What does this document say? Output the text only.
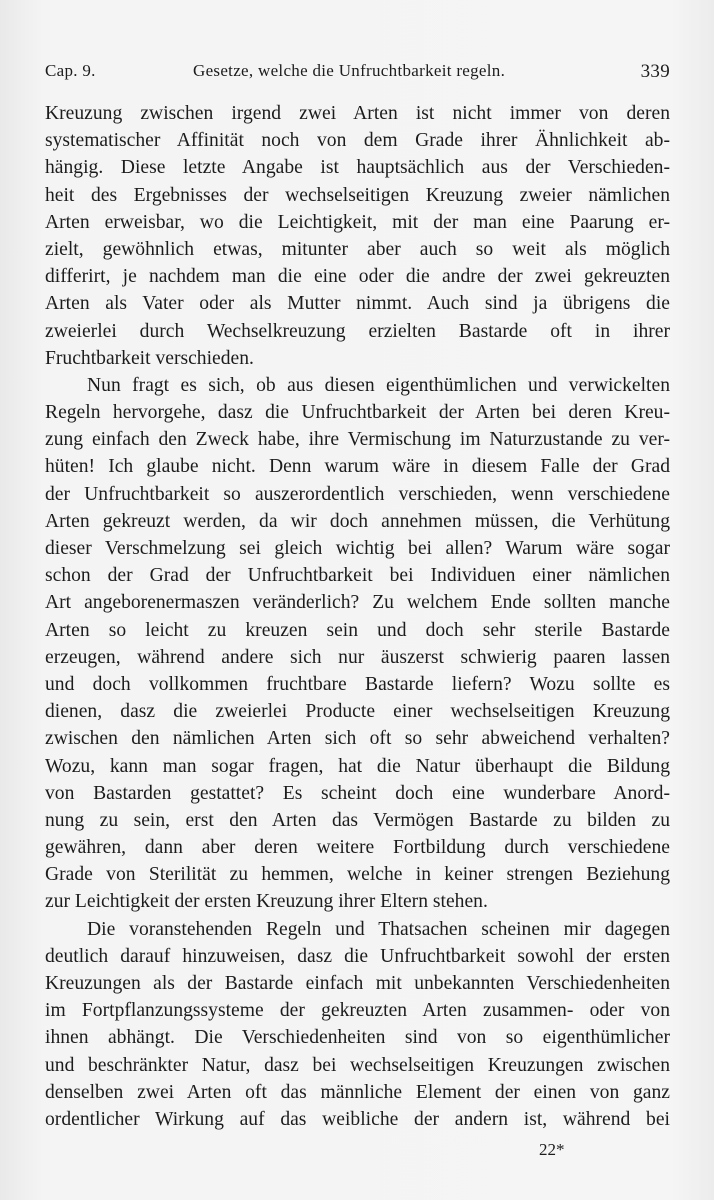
Cap. 9.	Gesetze, welche die Unfruchtbarkeit regeln.	339
Kreuzung zwischen irgend zwei Arten ist nicht immer von deren
systematischer Affinität noch von dem Grade ihrer Ähnlichkeit ab-
hängig. Diese letzte Angabe ist hauptsächlich aus der Verschieden-
heit des Ergebnisses der wechselseitigen Kreuzung zweier nämlichen
Arten erweisbar, wo die Leichtigkeit, mit der man eine Paarung er-
zielt, gewöhnlich etwas, mitunter aber auch so weit als möglich
differirt, je nachdem man die eine oder die andre der zwei gekreuzten
Arten als Vater oder als Mutter nimmt. Auch sind ja übrigens die
zweierlei durch Wechselkreuzung erzielten Bastarde oft in ihrer
Fruchtbarkeit verschieden.
Nun fragt es sich, ob aus diesen eigenthümlichen und verwickelten
Regeln hervorgehe, dasz die Unfruchtbarkeit der Arten bei deren Kreu-
zung einfach den Zweck habe, ihre Vermischung im Naturzustande zu ver-
hüten! Ich glaube nicht. Denn warum wäre in diesem Falle der Grad
der Unfruchtbarkeit so auszerordentlich verschieden, wenn verschiedene
Arten gekreuzt werden, da wir doch annehmen müssen, die Verhütung
dieser Verschmelzung sei gleich wichtig bei allen? Warum wäre sogar
schon der Grad der Unfruchtbarkeit bei Individuen einer nämlichen
Art angeborenermaszen veränderlich? Zu welchem Ende sollten manche
Arten so leicht zu kreuzen sein und doch sehr sterile Bastarde
erzeugen, während andere sich nur äuszerst schwierig paaren lassen
und doch vollkommen fruchtbare Bastarde liefern? Wozu sollte es
dienen, dasz die zweierlei Producte einer wechselseitigen Kreuzung
zwischen den nämlichen Arten sich oft so sehr abweichend verhalten?
Wozu, kann man sogar fragen, hat die Natur überhaupt die Bildung
von Bastarden gestattet? Es scheint doch eine wunderbare Anord-
nung zu sein, erst den Arten das Vermögen Bastarde zu bilden zu
gewähren, dann aber deren weitere Fortbildung durch verschiedene
Grade von Sterilität zu hemmen, welche in keiner strengen Beziehung
zur Leichtigkeit der ersten Kreuzung ihrer Eltern stehen.
Die voranstehenden Regeln und Thatsachen scheinen mir dagegen
deutlich darauf hinzuweisen, dasz die Unfruchtbarkeit sowohl der ersten
Kreuzungen als der Bastarde einfach mit unbekannten Verschiedenheiten
im Fortpflanzungssysteme der gekreuzten Arten zusammen- oder von
ihnen abhängt. Die Verschiedenheiten sind von so eigenthümlicher
und beschränkter Natur, dasz bei wechselseitigen Kreuzungen zwischen
denselben zwei Arten oft das männliche Element der einen von ganz
ordentlicher Wirkung auf das weibliche der andern ist, während bei
22*
